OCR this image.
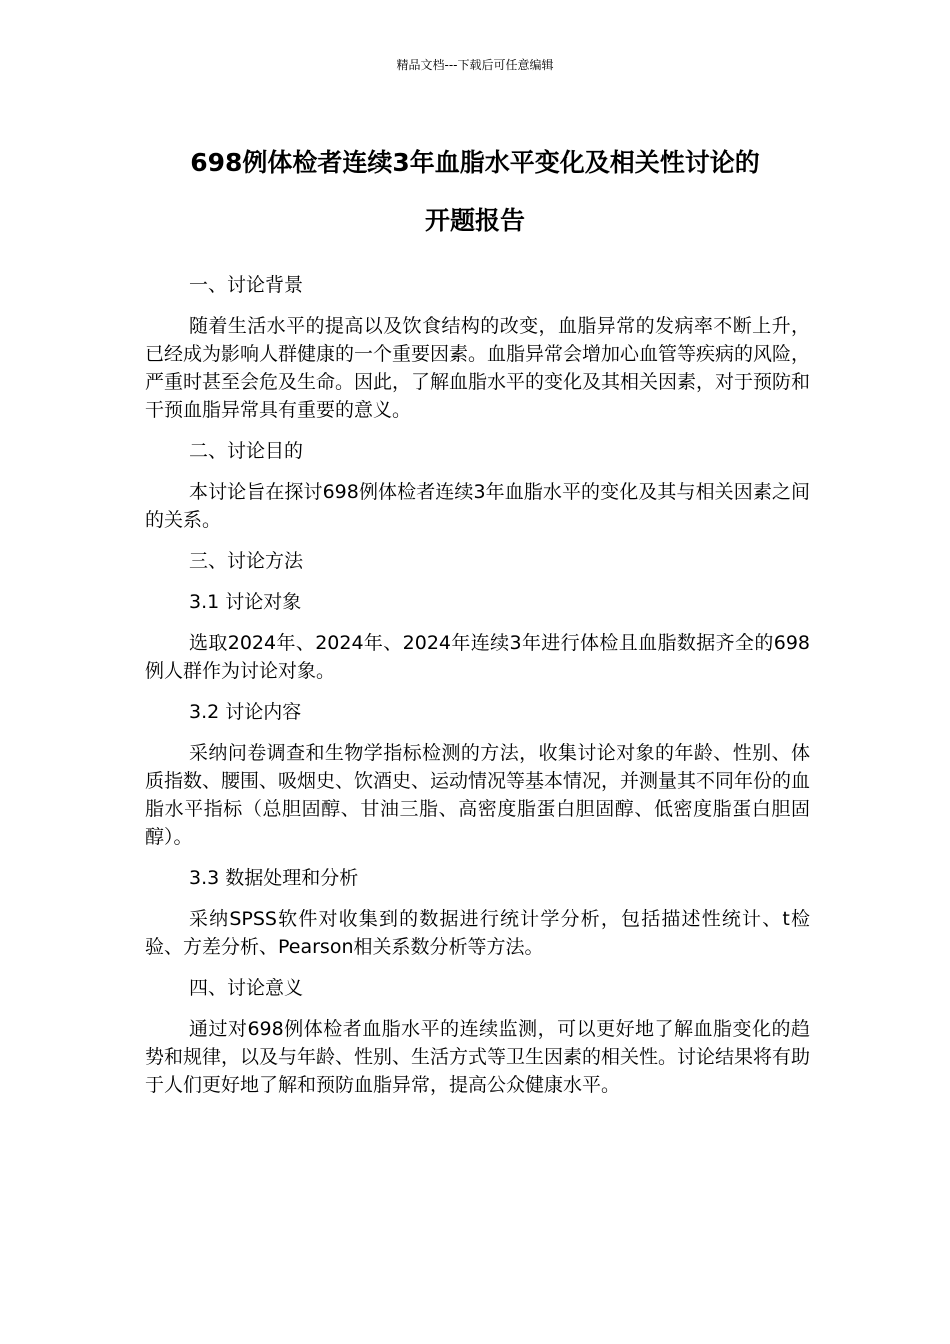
精品文档---下载后可任意编辑
698例体检者连续3年血脂水平变化及相关性讨论的
开题报告

一、讨论背景

随着生活水平的提高以及饮食结构的改变，血脂异常的发病率不断上升，已经成为影响人群健康的一个重要因素。血脂异常会增加心血管等疾病的风险，严重时甚至会危及生命。因此，了解血脂水平的变化及其相关因素，对于预防和干预血脂异常具有重要的意义。

二、讨论目的

本讨论旨在探讨698例体检者连续3年血脂水平的变化及其与相关因素之间的关系。

三、讨论方法

3.1 讨论对象

选取2024年、2024年、2024年连续3年进行体检且血脂数据齐全的698例人群作为讨论对象。

3.2 讨论内容

采纳问卷调查和生物学指标检测的方法，收集讨论对象的年龄、性别、体质指数、腰围、吸烟史、饮酒史、运动情况等基本情况，并测量其不同年份的血脂水平指标（总胆固醇、甘油三脂、高密度脂蛋白胆固醇、低密度脂蛋白胆固醇）。

3.3 数据处理和分析

采纳SPSS软件对收集到的数据进行统计学分析，包括描述性统计、t检验、方差分析、Pearson相关系数分析等方法。

四、讨论意义

通过对698例体检者血脂水平的连续监测，可以更好地了解血脂变化的趋势和规律，以及与年龄、性别、生活方式等卫生因素的相关性。讨论结果将有助于人们更好地了解和预防血脂异常，提高公众健康水平。
